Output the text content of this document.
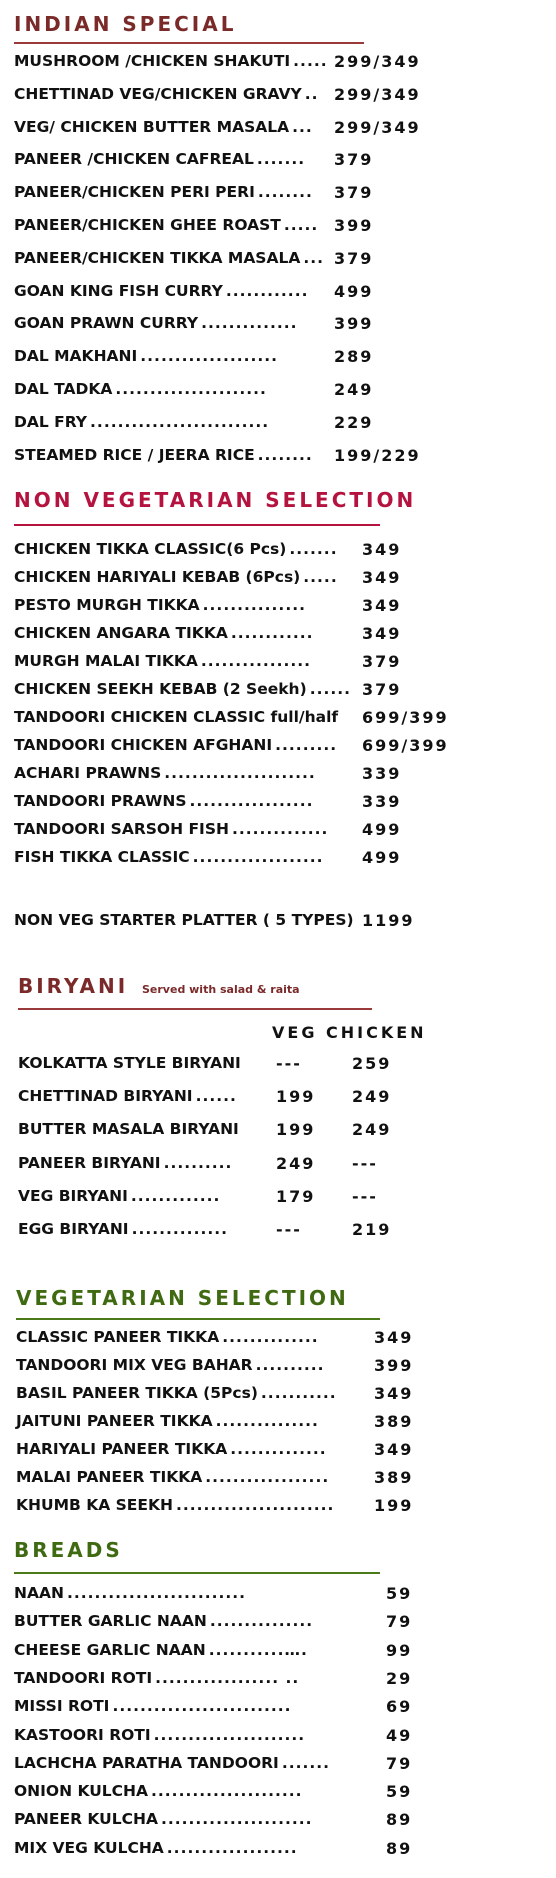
INDIAN SPECIAL
MUSHROOM /CHICKEN SHAKUTI ..... 299/349
CHETTINAD VEG/CHICKEN GRAVY .. 299/349
VEG/ CHICKEN BUTTER MASALA ... 299/349
PANEER /CHICKEN CAFREAL ....... 379
PANEER/CHICKEN PERI PERI ........ 379
PANEER/CHICKEN GHEE ROAST ..... 399
PANEER/CHICKEN TIKKA MASALA ... 379
GOAN KING FISH CURRY ............ 499
GOAN PRAWN CURRY .............. 399
DAL MAKHANI ....................	289
DAL TADKA ......................	249
DAL FRY ..........................	229
STEAMED RICE / JEERA RICE ........ 199/229
NON VEGETARIAN SELECTION
CHICKEN TIKKA CLASSIC(6 Pcs) ....... 349
CHICKEN HARIYALI KEBAB (6Pcs) ..... 349
PESTO MURGH TIKKA ...............	349
CHICKEN ANGARA TIKKA ............	349
MURGH MALAI TIKKA ................	379
CHICKEN SEEKH KEBAB (2 Seekh) ...... 379
TANDOORI CHICKEN CLASSIC full/half 699/399
TANDOORI CHICKEN AFGHANI ......... 699/399
ACHARI PRAWNS ......................	339
TANDOORI PRAWNS ..................	339
TANDOORI SARSOH FISH .............. 499
FISH TIKKA CLASSIC ................... 499
NON VEG STARTER PLATTER ( 5 TYPES) 1199
BIRYANI Served with salad & raita
VEG CHICKEN
KOLKATTA STYLE BIRYANI ---	259
CHETTINAD BIRYANI ...... 199 249
BUTTER MASALA BIRYANI 199 249
PANEER BIRYANI ..........	249 ---
VEG BIRYANI .............	179 ---
EGG BIRYANI ..............	---	219
VEGETARIAN SELECTION
CLASSIC PANEER TIKKA ..............	349
TANDOORI MIX VEG BAHAR ..........	399
BASIL PANEER TIKKA (5Pcs) ........... 349
JAITUNI PANEER TIKKA ...............	389
HARIYALI PANEER TIKKA ..............	349
MALAI PANEER TIKKA ..................	389
KHUMB KA SEEKH ....................... 199
BREADS
NAAN ..........................	59
BUTTER GARLIC NAAN ...............	79
CHEESE GARLIC NAAN ...........….	99
TANDOORI ROTI .................. ..	29
MISSI ROTI ..........................	69
KASTOORI ROTI ......................	49
LACHCHA PARATHA TANDOORI .......	79
ONION KULCHA ......................	59
PANEER KULCHA ......................	89
MIX VEG KULCHA ...................	89
